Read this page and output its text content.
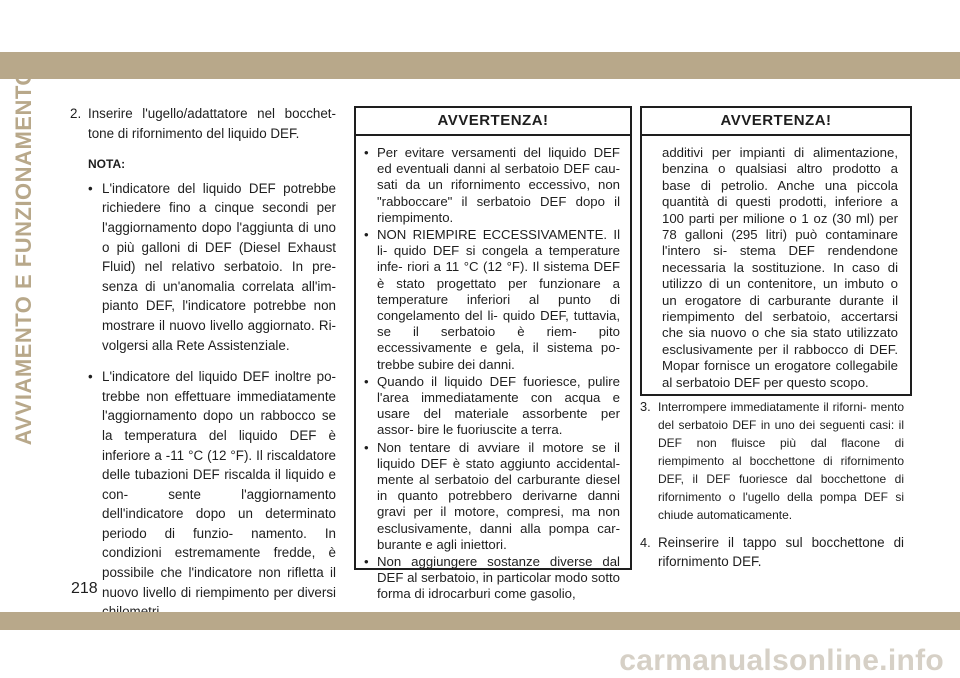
AVVIAMENTO E FUNZIONAMENTO	2. Inserire l'ugello/adattatore nel bocchet- tone di rifornimento del liquido DEF.
NOTA:
• L'indicatore del liquido DEF potrebbe richiedere fino a cinque secondi per l'aggiornamento dopo l'aggiunta di uno o più galloni di DEF (Diesel Exhaust Fluid) nel relativo serbatoio. In pre- senza di un'anomalia correlata all'im- pianto DEF, l'indicatore potrebbe non mostrare il nuovo livello aggiornato. Ri- volgersi alla Rete Assistenziale.
• L'indicatore del liquido DEF inoltre po- trebbe non effettuare immediatamente l'aggiornamento dopo un rabbocco se la temperatura del liquido DEF è inferiore a -11 °C (12 °F). Il riscaldatore delle tubazioni DEF riscalda il liquido e con- sente l'aggiornamento dell'indicatore dopo un determinato periodo di funzio- namento. In condizioni estremamente fredde, è possibile che l'indicatore non rifletta il nuovo livello di riempimento per diversi
AVVERTENZA!
• Per evitare versamenti del liquido DEF ed eventuali danni al serbatoio DEF cau- sati da un rifornimento eccessivo, non "rabboccare" il serbatoio DEF dopo il riempimento.
• NON RIEMPIRE ECCESSIVAMENTE. Il li- quido DEF si congela a temperature infe- riori a 11 °C (12 °F). Il sistema DEF è stato progettato per funzionare a temperature inferiori al punto di congelamento del li- quido DEF, tuttavia, se il serbatoio è riem- pito eccessivamente e gela, il sistema po- trebbe subire dei danni.
• Quando il liquido DEF fuoriesce, pulire l'area immediatamente con acqua e usare del materiale assorbente per assor- bire le fuoriuscite a terra.
• Non tentare di avviare il motore se il liquido DEF è stato aggiunto accidental- mente al serbatoio del carburante diesel in quanto potrebbero derivarne danni gravi per il motore, compresi, ma non esclusivamente, danni alla pompa car- burante e agli iniettori.
• Non aggiungere sostanze diverse dal DEF al serbatoio, in particolar modo sotto forma di idrocarburi come gasolio,
AVVERTENZA!
additivi per impianti di alimentazione, benzina o qualsiasi altro prodotto a base di petrolio. Anche una piccola quantità di questi prodotti, inferiore a 100 parti per milione o 1 oz (30 ml) per 78 galloni (295 litri) può contaminare l'intero si- stema DEF rendendone necessaria la sostituzione. In caso di utilizzo di un contenitore, un imbuto o un erogatore di carburante durante il riempimento del serbatoio, accertarsi che sia nuovo o che sia stato utilizzato esclusivamente per il rabbocco di DEF. Mopar fornisce un erogatore collegabile al serbatoio DEF per questo scopo.
3. Interrompere immediatamente il riforni- mento del serbatoio DEF in uno dei seguenti casi: il DEF non fluisce più dal flacone di riempimento al bocchettone di rifornimento DEF, il DEF fuoriesce dal bocchettone di rifornimento o l'ugello della pompa DEF si chiude automaticamente.
4. Reinserire il tappo sul bocchettone di rifornimento DEF.
218
carmanualsonline.info
